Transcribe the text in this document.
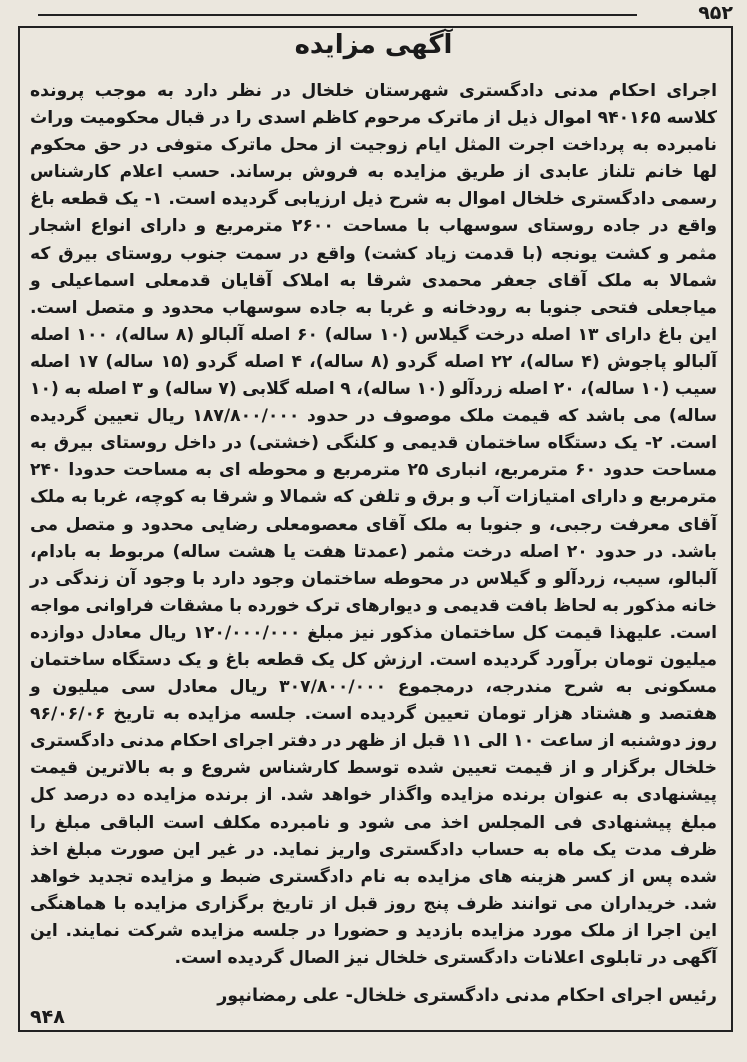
۹۵۲
آگهی مزایده
اجرای احکام مدنی دادگستری شهرستان خلخال در نظر دارد به موجب پرونده کلاسه ۹۴۰۱۶۵ اموال ذیل از ماترک مرحوم کاظم اسدی را در قبال محکومیت وراث نامبرده به پرداخت اجرت المثل ایام زوجیت از محل ماترک متوفی در حق محکوم لها خانم تلناز عابدی از طریق مزایده به فروش برساند. حسب اعلام کارشناس رسمی دادگستری خلخال اموال به شرح ذیل ارزیابی گردیده است. ۱- یک قطعه باغ واقع در جاده روستای سوسهاب با مساحت ۲۶۰۰ مترمربع و دارای انواع اشجار مثمر و کشت یونجه (با قدمت زیاد کشت) واقع در سمت جنوب روستای بیرق که شمالا به ملک آقای جعفر محمدی شرقا به املاک آقایان قدمعلی اسماعیلی و میاجعلی فتحی جنوبا به رودخانه و غربا به جاده سوسهاب محدود و متصل است. این باغ دارای ۱۳ اصله درخت گیلاس (۱۰ ساله) ۶۰ اصله آلبالو (۸ ساله)، ۱۰۰ اصله آلبالو پاجوش (۴ ساله)، ۲۲ اصله گردو (۸ ساله)، ۴ اصله گردو (۱۵ ساله) ۱۷ اصله سیب (۱۰ ساله)، ۲۰ اصله زردآلو (۱۰ ساله)، ۹ اصله گلابی (۷ ساله) و ۳ اصله به (۱۰ ساله) می باشد که قیمت ملک موصوف در حدود ۱۸۷/۸۰۰/۰۰۰ ریال تعیین گردیده است. ۲- یک دستگاه ساختمان قدیمی و کلنگی (خشتی) در داخل روستای بیرق به مساحت حدود ۶۰ مترمربع، انباری ۲۵ مترمربع و محوطه ای به مساحت حدودا ۲۴۰ مترمربع و دارای امتیازات آب و برق و تلفن که شمالا و شرقا به کوچه، غربا به ملک آقای معرفت رجبی، و جنوبا به ملک آقای معصومعلی رضایی محدود و متصل می باشد. در حدود ۲۰ اصله درخت مثمر (عمدتا هفت یا هشت ساله) مربوط به بادام، آلبالو، سیب، زردآلو و گیلاس در محوطه ساختمان وجود دارد با وجود آن زندگی در خانه مذکور به لحاظ بافت قدیمی و دیوارهای ترک خورده با مشقات فراوانی مواجه است. علیهذا قیمت کل ساختمان مذکور نیز مبلغ ۱۲۰/۰۰۰/۰۰۰ ریال معادل دوازده میلیون تومان برآورد گردیده است. ارزش کل یک قطعه باغ و یک دستگاه ساختمان مسکونی به شرح مندرجه، درمجموع ۳۰۷/۸۰۰/۰۰۰ ریال معادل سی میلیون و هفتصد و هشتاد هزار تومان تعیین گردیده است. جلسه مزایده به تاریخ ۹۶/۰۶/۰۶ روز دوشنبه از ساعت ۱۰ الی ۱۱ قبل از ظهر در دفتر اجرای احکام مدنی دادگستری خلخال برگزار و از قیمت تعیین شده توسط کارشناس شروع و به بالاترین قیمت پیشنهادی به عنوان برنده مزایده واگذار خواهد شد. از برنده مزایده ده درصد کل مبلغ پیشنهادی فی المجلس اخذ می شود و نامبرده مکلف است الباقی مبلغ را ظرف مدت یک ماه به حساب دادگستری واریز نماید. در غیر این صورت مبلغ اخذ شده پس از کسر هزینه های مزایده به نام دادگستری ضبط و مزایده تجدید خواهد شد. خریداران می توانند ظرف پنج روز قبل از تاریخ برگزاری مزایده با هماهنگی این اجرا از ملک مورد مزایده بازدید و حضورا در جلسه مزایده شرکت نمایند. این آگهی در تابلوی اعلانات دادگستری خلخال نیز الصال گردیده است.
رئیس اجرای احکام مدنی دادگستری خلخال- علی رمضانپور
۹۴۸
